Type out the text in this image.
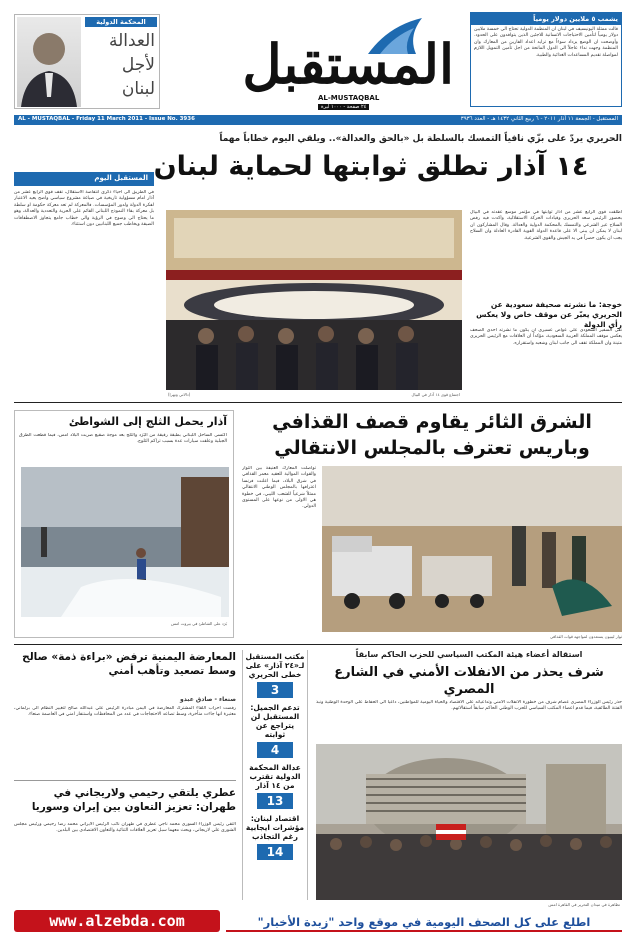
يشمب ٥ ملايين دولار يومياً
قالت ممثلة اليونيسيف في لبنان ان المنظمة الدولية تحتاج الى خمسة ملايين دولار يومياً لتأمين الاحتياجات الانسانية للاجئين الذين يتوافدون على الحدود. وأوضحت ان الوضع يزداد سوءاً مع تزايد اعداد الفارين من المعارك وان المنظمة وجهت نداء عاجلاً الى الدول المانحة من اجل تأمين التمويل اللازم لمواصلة تقديم المساعدات الغذائية والطبية.
المستقبل
AL-MUSTAQBAL
٢٤ صفحة - ١٠٠٠ ليرة
المحكمة الدولية
العدالة
لأجل
لبنان
AL - MUSTAQBAL - Friday 11 March 2011 - Issue No. 3936	المستقبل - الجمعة ١١ آذار ٢٠١١ - ٦ ربيع الثاني ١٤٣٢ هـ - العدد ٣٩٣٦
الحريري يردّ على بزّي نافياً التمسك بالسلطة بل «بالحق والعدالة».. ويلقي اليوم خطاباً مهماً
١٤ آذار تطلق ثوابتها لحماية لبنان
المستقبل اليوم
في الطريق الى احياء ذكرى انتفاضة الاستقلال، تقف قوى الرابع عشر من آذار امام مسؤولية تاريخية في صياغة مشروع سياسي واضح يعيد الاعتبار لفكرة الدولة ولدور المؤسسات. فالمعركة لم تعد معركة حكومة او سلطة بل معركة بقاء النموذج اللبناني القائم على الحرية والتعددية والعدالة، وهو ما يحتاج الى وضوح في الرؤية والى خطاب جامع يتجاوز الاصطفافات الضيقة ويخاطب جميع اللبنانيين دون استثناء.
(دالاتي ونهرا)	اجتماع قوى ١٤ آذار في البيال
اطلقت قوى الرابع عشر من آذار ثوابتها في مؤتمر موسع عقدته في البيال بحضور الرئيس سعد الحريري وقيادات الحركة الاستقلالية، واكدت فيه رفض السلاح غير الشرعي والتمسك بالمحكمة الدولية والعدالة. وقال المشاركون ان لبنان لا يمكن ان يبنى الا على قاعدة الدولة القوية القادرة العادلة وان السلاح يجب ان يكون حصراً في يد الجيش والقوى الشرعية.
خوجة: ما نشرته صحيفة سعودية عن الحريري يعبّر عن موقف خاص ولا يعكس رأي الدولة
نفى السفير السعودي علي عواض عسيري ان يكون ما نشرته احدى الصحف يعكس موقف المملكة العربية السعودية، مؤكداً ان العلاقات مع الرئيس الحريري متينة وان المملكة تقف الى جانب لبنان وشعبه واستقراره.
آذار يحمل الثلج إلى الشواطئ
اكتسى الساحل اللبناني بطبقة رقيقة من البَرَد والثلج بعد موجة صقيع ضربت البلاد امس، فيما قطعت الطرق الجبلية وعلقت سيارات عدة بسبب تراكم الثلوج.
بَرَد على الشاطئ في بيروت امس
الشرق الثائر يقاوم قصف القذافي
وباريس تعترف بالمجلس الانتقالي
تواصلت المعارك العنيفة بين الثوار والقوات الموالية للعقيد معمر القذافي في شرق البلاد، فيما اعلنت فرنسا اعترافها بالمجلس الوطني الانتقالي ممثلاً شرعياً للشعب الليبي، في خطوة هي الاولى من نوعها على المستوى الدولي.
ثوار ليبيون يستعدون لمواجهة قوات القذافي
المعارضة اليمنية ترفض «براءة ذمة» صالح وسط تصعيد وتأهب أمني
صنعاء - صادق عبدو
رفضت احزاب اللقاء المشترك المعارضة في اليمن مبادرة الرئيس علي عبدالله صالح لتغيير النظام الى برلماني، معتبرة انها جاءت متأخرة، وسط تصاعد الاحتجاجات في عدد من المحافظات واستنفار امني في العاصمة صنعاء.
عطري يلتقي رحيمي ولاريجاني في طهران: تعزيز التعاون بين إيران وسوريا
التقى رئيس الوزراء السوري محمد ناجي عطري في طهران نائب الرئيس الايراني محمد رضا رحيمي ورئيس مجلس الشورى علي لاريجاني، وبحث معهما سبل تعزيز العلاقات الثنائية والتعاون الاقتصادي بين البلدين.
مكتب المستقبل لـ«٢٤ آذار» على خطى الحريري
3
تدعم الجميل: المستقبل لن يتراجع عن ثوابته
4
عدالة المحكمة الدولية تقترب من ١٤ آذار
13
اقتصاد لبنان: مؤشرات ايجابية رغم التجاذب
14
استقالة أعضاء هيئة المكتب السياسي للحزب الحاكم سابقاً
شرف يحذر من الانفلات الأمني في الشارع المصري
حذر رئيس الوزراء المصري عصام شرف من خطورة الانفلات الامني وتداعياته على الاقتصاد والحياة اليومية للمواطنين، داعياً الى الحفاظ على الوحدة الوطنية ونبذ الفتنة الطائفية، فيما قدم اعضاء المكتب السياسي للحزب الوطني الحاكم سابقاً استقالاتهم.
تظاهرة في ميدان التحرير في القاهرة امس
www.alzebda.com	اطلع على كل الصحف اليومية في موقع واحد "زبدة الأخبار"
